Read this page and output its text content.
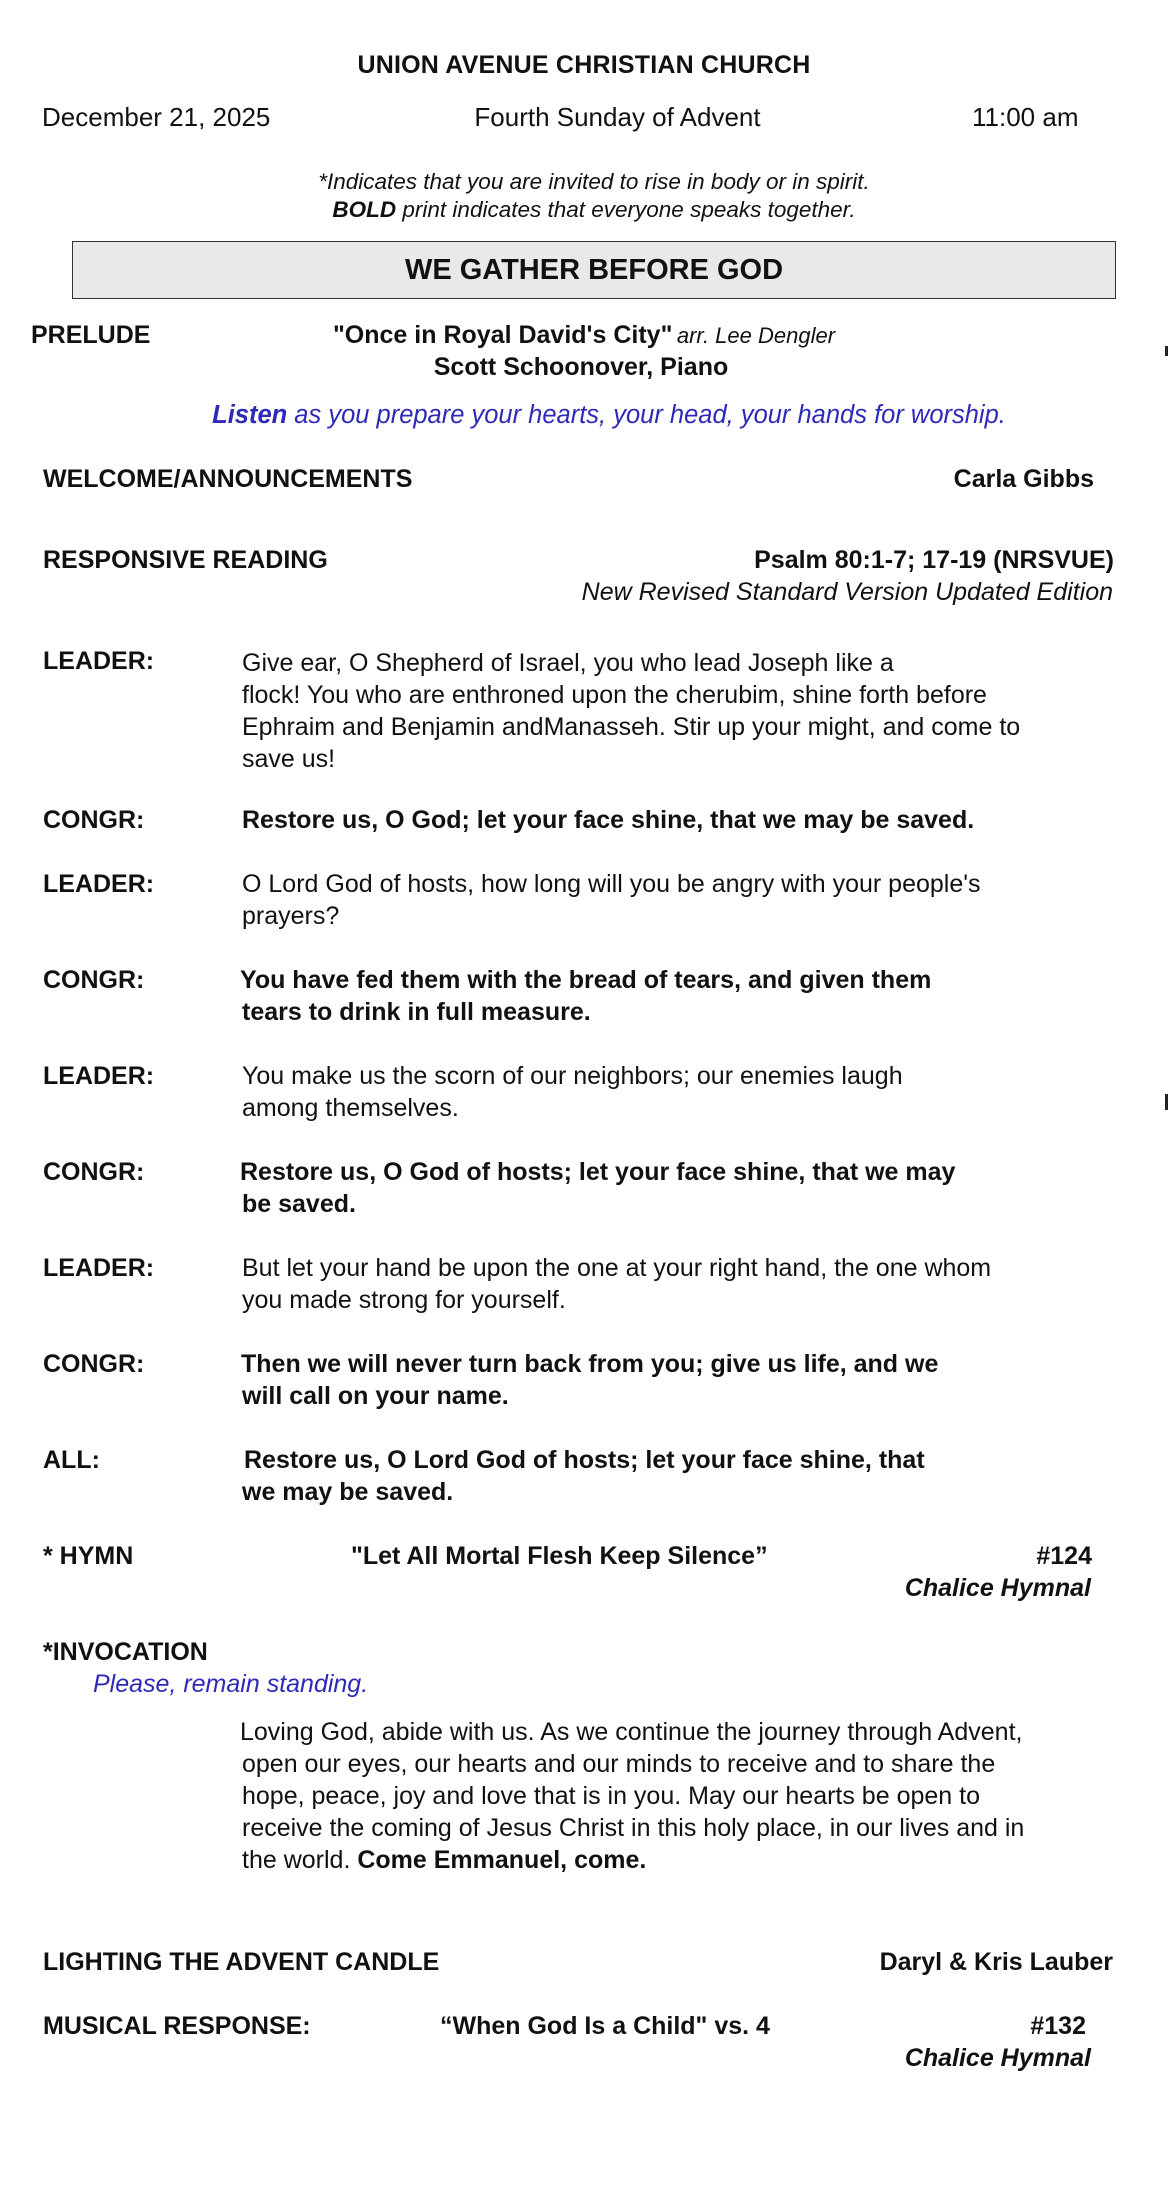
UNION AVENUE CHRISTIAN CHURCH
December 21, 2025	Fourth Sunday of Advent	11:00 am
*Indicates that you are invited to rise in body or in spirit.
BOLD print indicates that everyone speaks together.
WE GATHER BEFORE GOD
PRELUDE	"Once in Royal David's City" arr. Lee Dengler
Scott Schoonover, Piano
Listen as you prepare your hearts, your head, your hands for worship.
WELCOME/ANNOUNCEMENTS	Carla Gibbs
RESPONSIVE READING	Psalm 80:1-7; 17-19 (NRSVUE)
New Revised Standard Version Updated Edition
LEADER:	Give ear, O Shepherd of Israel, you who lead Joseph like a
flock! You who are enthroned upon the cherubim, shine forth before
Ephraim and Benjamin andManasseh. Stir up your might, and come to
save us!
CONGR:	Restore us, O God; let your face shine, that we may be saved.
LEADER:	O Lord God of hosts, how long will you be angry with your people's
prayers?
CONGR:	You have fed them with the bread of tears, and given them
tears to drink in full measure.
LEADER:	You make us the scorn of our neighbors; our enemies laugh
among themselves.
CONGR:	Restore us, O God of hosts; let your face shine, that we may
be saved.
LEADER:	But let your hand be upon the one at your right hand, the one whom
you made strong for yourself.
CONGR:	Then we will never turn back from you; give us life, and we
will call on your name.
ALL:	Restore us, O Lord God of hosts; let your face shine, that
we may be saved.
* HYMN	"Let All Mortal Flesh Keep Silence”	#124
Chalice Hymnal
*INVOCATION
Please, remain standing.
Loving God, abide with us. As we continue the journey through Advent,
open our eyes, our hearts and our minds to receive and to share the
hope, peace, joy and love that is in you. May our hearts be open to
receive the coming of Jesus Christ in this holy place, in our lives and in
the world. Come Emmanuel, come.
LIGHTING THE ADVENT CANDLE	Daryl & Kris Lauber
MUSICAL RESPONSE:	“When God Is a Child" vs. 4	#132
Chalice Hymnal
